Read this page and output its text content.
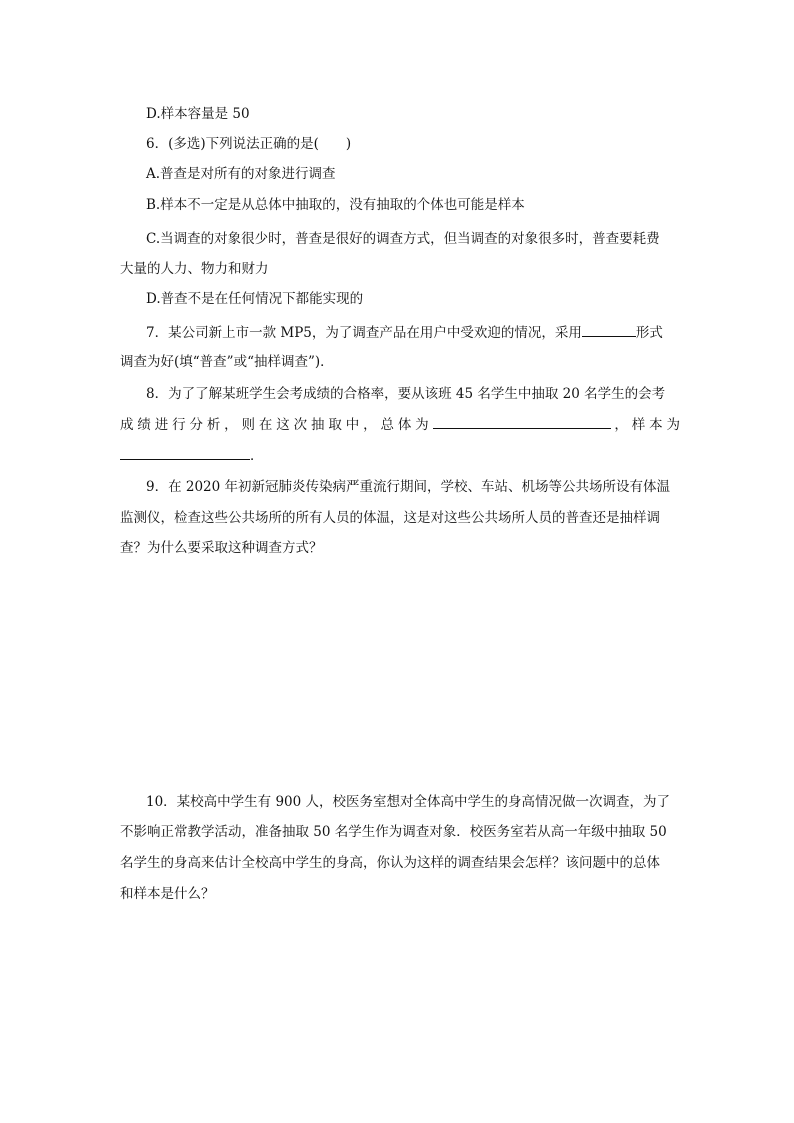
D.样本容量是 50

6．(多选)下列说法正确的是(　　)

A.普查是对所有的对象进行调查

B.样本不一定是从总体中抽取的，没有抽取的个体也可能是样本

C.当调查的对象很少时，普查是很好的调查方式，但当调查的对象很多时，普查要耗费

大量的人力、物力和财力

D.普查不是在任何情况下都能实现的

7．某公司新上市一款 MP5，为了调查产品在用户中受欢迎的情况，采用	形式

调查为好(填“普查”或“抽样调查”)．

8．为了了解某班学生会考成绩的合格率，要从该班 45 名学生中抽取 20 名学生的会考

成绩进行分析，则在这次抽取中，总体为	，样本为

．

9．在 2020 年初新冠肺炎传染病严重流行期间，学校、车站、机场等公共场所设有体温

监测仪，检查这些公共场所的所有人员的体温，这是对这些公共场所人员的普查还是抽样调

查？为什么要采取这种调查方式？

10．某校高中学生有 900 人，校医务室想对全体高中学生的身高情况做一次调查，为了

不影响正常教学活动，准备抽取 50 名学生作为调查对象．校医务室若从高一年级中抽取 50

名学生的身高来估计全校高中学生的身高，你认为这样的调查结果会怎样？该问题中的总体

和样本是什么？
